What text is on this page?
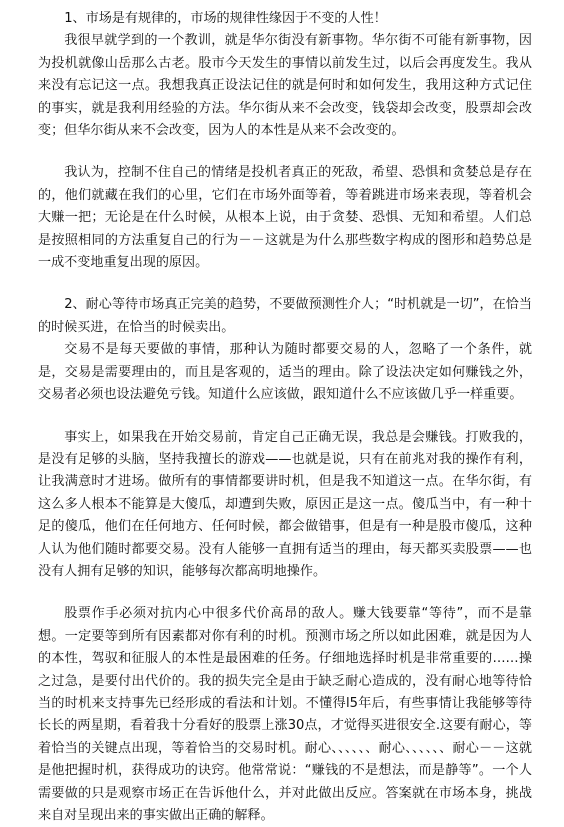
1、市场是有规律的，市场的规律性缘因于不变的人性！

我很早就学到的一个教训，就是华尔街没有新事物。华尔街不可能有新事物，因为投机就像山岳那么古老。股市今天发生的事情以前发生过，以后会再度发生。我从来没有忘记这一点。我想我真正设法记住的就是何时和如何发生，我用这种方式记住的事实，就是我利用经验的方法。华尔街从来不会改变，钱袋却会改变，股票却会改变；但华尔街从来不会改变，因为人的本性是从来不会改变的。

我认为，控制不住自己的情绪是投机者真正的死敌，希望、恐惧和贪婪总是存在的，他们就藏在我们的心里，它们在市场外面等着，等着跳进市场来表现，等着机会大赚一把；无论是在什么时候，从根本上说，由于贪婪、恐惧、无知和希望。人们总是按照相同的方法重复自己的行为－－这就是为什么那些数字构成的图形和趋势总是一成不变地重复出现的原因。

2、耐心等待市场真正完美的趋势，不要做预测性介人；“时机就是一切”，在恰当的时候买进，在恰当的时候卖出。

交易不是每天要做的事情，那种认为随时都要交易的人，忽略了一个条件，就是，交易是需要理由的，而且是客观的，适当的理由。除了设法决定如何赚钱之外，交易者必须也设法避免亏钱。知道什么应该做，跟知道什么不应该做几乎一样重要。

事实上，如果我在开始交易前，肯定自己正确无误，我总是会赚钱。打败我的，是没有足够的头脑，坚持我擅长的游戏——也就是说，只有在前兆对我的操作有利，让我满意时才进场。做所有的事情都要讲时机，但是我不知道这一点。在华尔街，有这么多人根本不能算是大傻瓜，却遭到失败，原因正是这一点。傻瓜当中，有一种十足的傻瓜，他们在任何地方、任何时候，都会做错事，但是有一种是股市傻瓜，这种人认为他们随时都要交易。没有人能够一直拥有适当的理由，每天都买卖股票——也没有人拥有足够的知识，能够每次都高明地操作。

股票作手必须对抗内心中很多代价高昂的敌人。赚大钱要靠“等待”，而不是靠想。一定要等到所有因素都对你有利的时机。预测市场之所以如此困难，就是因为人的本性，驾驭和征服人的本性是最困难的任务。仔细地选择时机是非常重要的……操之过急，是要付出代价的。我的损失完全是由于缺乏耐心造成的，没有耐心地等待恰当的时机来支持事先已经形成的看法和计划。不懂得l5年后，有些事情让我能够等待长长的两星期，看着我十分看好的股票上涨30点，才觉得买进很安全.这要有耐心，等着恰当的关键点出现，等着恰当的交易时机。耐心、、、、、、耐心、、、、、、耐心－－这就是他把握时机，获得成功的诀窍。他常常说：“赚钱的不是想法，而是静等”。一个人需要做的只是观察市场正在告诉他什么，并对此做出反应。答案就在市场本身，挑战来自对呈现出来的事实做出正确的解释。
